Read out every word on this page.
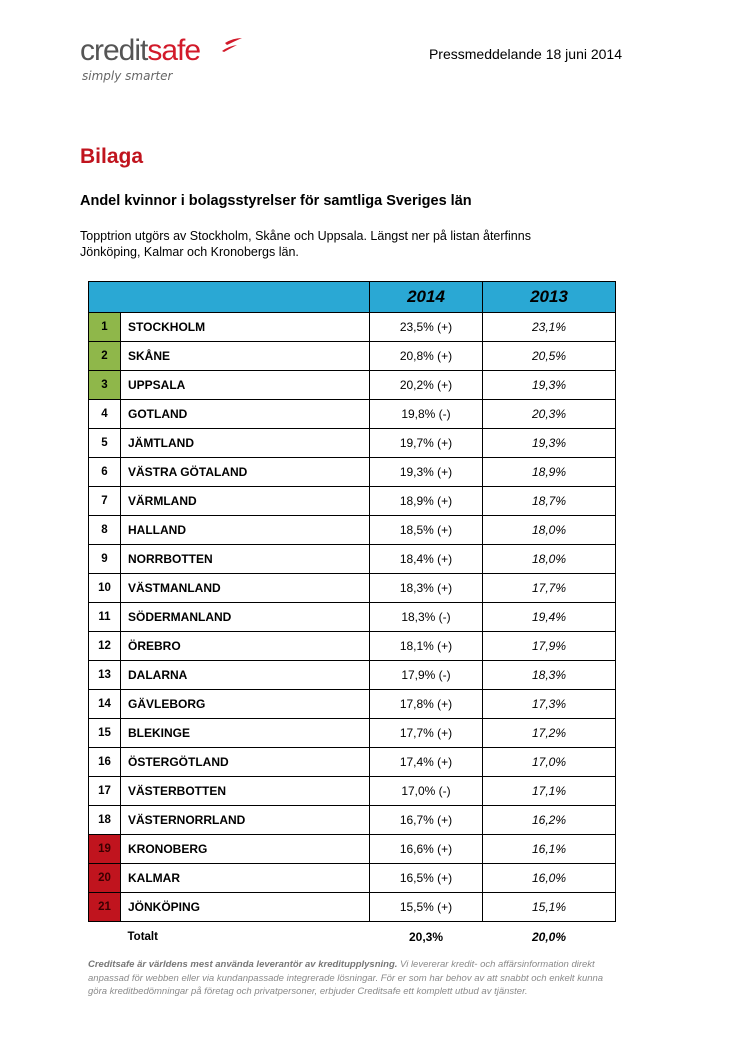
creditsafe
simply smarter
Pressmeddelande 18 juni 2014
Bilaga
Andel kvinnor i bolagsstyrelser för samtliga Sveriges län

Topptrion utgörs av Stockholm, Skåne och Uppsala. Längst ner på listan återfinns Jönköping, Kalmar och Kronobergs län.

		2014	2013
1	STOCKHOLM	23,5% (+)	23,1%
2	SKÅNE	20,8% (+)	20,5%
3	UPPSALA	20,2% (+)	19,3%
4	GOTLAND	19,8% (-)	20,3%
5	JÄMTLAND	19,7% (+)	19,3%
6	VÄSTRA GÖTALAND	19,3% (+)	18,9%
7	VÄRMLAND	18,9% (+)	18,7%
8	HALLAND	18,5% (+)	18,0%
9	NORRBOTTEN	18,4% (+)	18,0%
10	VÄSTMANLAND	18,3% (+)	17,7%
11	SÖDERMANLAND	18,3% (-)	19,4%
12	ÖREBRO	18,1% (+)	17,9%
13	DALARNA	17,9% (-)	18,3%
14	GÄVLEBORG	17,8% (+)	17,3%
15	BLEKINGE	17,7% (+)	17,2%
16	ÖSTERGÖTLAND	17,4% (+)	17,0%
17	VÄSTERBOTTEN	17,0% (-)	17,1%
18	VÄSTERNORRLAND	16,7% (+)	16,2%
19	KRONOBERG	16,6% (+)	16,1%
20	KALMAR	16,5% (+)	16,0%
21	JÖNKÖPING	15,5% (+)	15,1%
	Totalt	20,3%	20,0%

Creditsafe är världens mest använda leverantör av kreditupplysning. Vi levererar kredit- och affärsinformation direkt anpassad för webben eller via kundanpassade integrerade lösningar. För er som har behov av att snabbt och enkelt kunna göra kreditbedömningar på företag och privatpersoner, erbjuder Creditsafe ett komplett utbud av tjänster.
